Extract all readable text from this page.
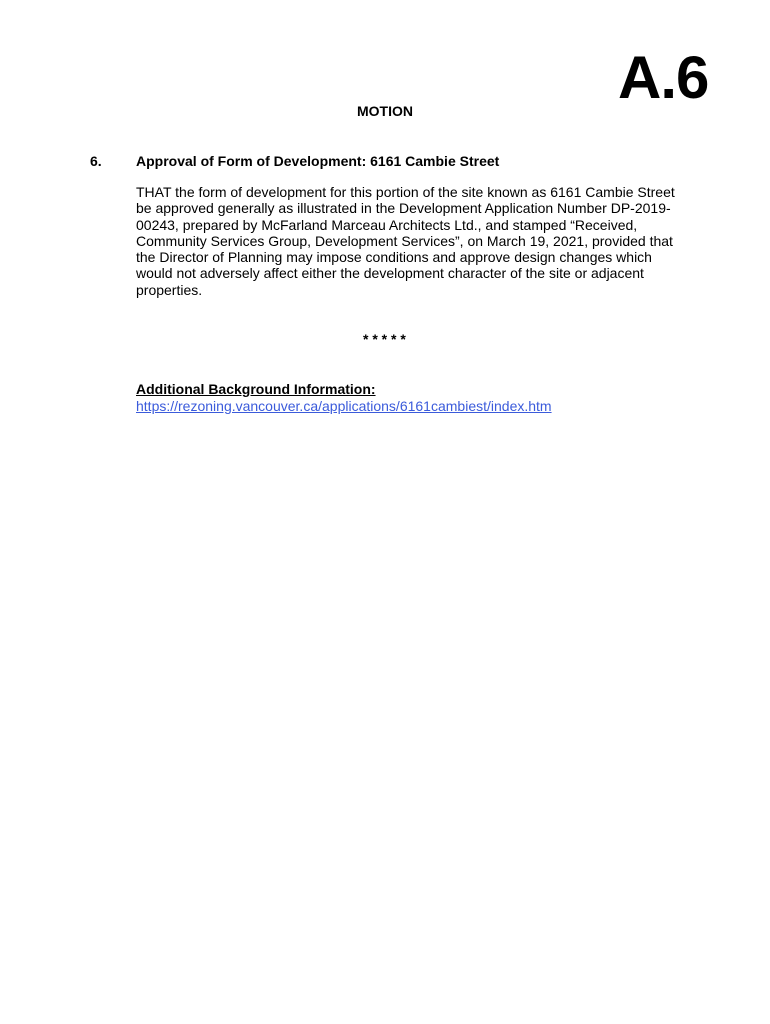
A.6
MOTION
6. Approval of Form of Development: 6161 Cambie Street
THAT the form of development for this portion of the site known as 6161 Cambie Street
be approved generally as illustrated in the Development Application Number DP-2019-
00243, prepared by McFarland Marceau Architects Ltd., and stamped “Received,
Community Services Group, Development Services”, on March 19, 2021, provided that
the Director of Planning may impose conditions and approve design changes which
would not adversely affect either the development character of the site or adjacent
properties.
* * * * *
Additional Background Information:
https://rezoning.vancouver.ca/applications/6161cambiest/index.htm
